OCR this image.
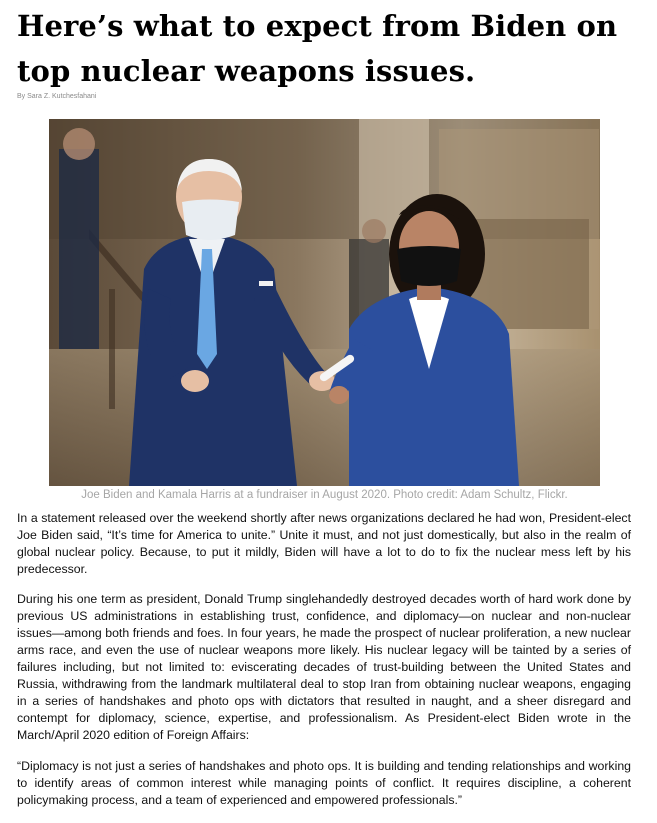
Here’s what to expect from Biden on top nuclear weapons issues.
By Sara Z. Kutchesfahani
Joe Biden and Kamala Harris at a fundraiser in August 2020. Photo credit: Adam Schultz, Flickr.

In a statement released over the weekend shortly after news organizations declared he had won, President-elect Joe Biden said, “It’s time for America to unite.” Unite it must, and not just domestically, but also in the realm of global nuclear policy. Because, to put it mildly, Biden will have a lot to do to fix the nuclear mess left by his predecessor.

During his one term as president, Donald Trump singlehandedly destroyed decades worth of hard work done by previous US administrations in establishing trust, confidence, and diplomacy—on nuclear and non-nuclear issues—among both friends and foes. In four years, he made the prospect of nuclear proliferation, a new nuclear arms race, and even the use of nuclear weapons more likely. His nuclear legacy will be tainted by a series of failures including, but not limited to: eviscerating decades of trust-building between the United States and Russia, withdrawing from the landmark multilateral deal to stop Iran from obtaining nuclear weapons, engaging in a series of handshakes and photo ops with dictators that resulted in naught, and a sheer disregard and contempt for diplomacy, science, expertise, and professionalism. As President-elect Biden wrote in the March/April 2020 edition of Foreign Affairs:

“Diplomacy is not just a series of handshakes and photo ops. It is building and tending relationships and working to identify areas of common interest while managing points of conflict. It requires discipline, a coherent policymaking process, and a team of experienced and empowered professionals.”
